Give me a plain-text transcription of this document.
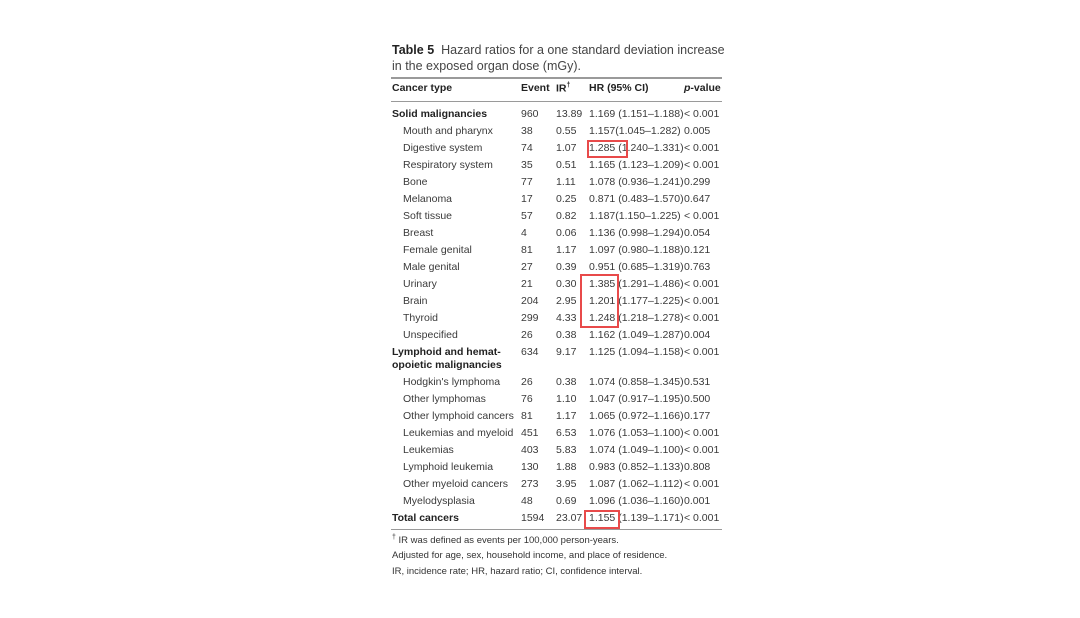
Table 5 Hazard ratios for a one standard deviation increase in the exposed organ dose (mGy).
Cancer type	Event IR† HR (95% CI)	p-value
Solid malignancies	960 13.89 1.169 (1.151–1.188) < 0.001
Mouth and pharynx	38 0.55 1.157(1.045–1.282) 0.005
Digestive system	74 1.07 1.285 (1.240–1.331) < 0.001
Respiratory system	35 0.51 1.165 (1.123–1.209) < 0.001
Bone	77 1.11 1.078 (0.936–1.241) 0.299
Melanoma	17 0.25 0.871 (0.483–1.570) 0.647
Soft tissue	57 0.82 1.187(1.150–1.225) < 0.001
Breast	4	0.06 1.136 (0.998–1.294) 0.054
Female genital	81 1.17 1.097 (0.980–1.188) 0.121
Male genital	27 0.39 0.951 (0.685–1.319) 0.763
Urinary	21 0.30 1.385 (1.291–1.486) < 0.001
Brain	204 2.95 1.201 (1.177–1.225) < 0.001
Thyroid	299 4.33 1.248 (1.218–1.278) < 0.001
Unspecified	26 0.38 1.162 (1.049–1.287) 0.004
Lymphoid and hemat- 634 9.17 1.125 (1.094–1.158) < 0.001
opoietic malignancies
Hodgkin's lymphoma 26 0.38 1.074 (0.858–1.345) 0.531
Other lymphomas	76 1.10 1.047 (0.917–1.195) 0.500
Other lymphoid cancers 81 1.17 1.065 (0.972–1.166) 0.177
Leukemias and myeloid 451 6.53 1.076 (1.053–1.100) < 0.001
Leukemias	403 5.83 1.074 (1.049–1.100) < 0.001
Lymphoid leukemia	130 1.88 0.983 (0.852–1.133) 0.808
Other myeloid cancers 273 3.95 1.087 (1.062–1.112) < 0.001
Myelodysplasia	48 0.69 1.096 (1.036–1.160) 0.001
Total cancers	1594 23.07 1.155 (1.139–1.171) < 0.001
† IR was defined as events per 100,000 person-years.
Adjusted for age, sex, household income, and place of residence.
IR, incidence rate; HR, hazard ratio; CI, confidence interval.
